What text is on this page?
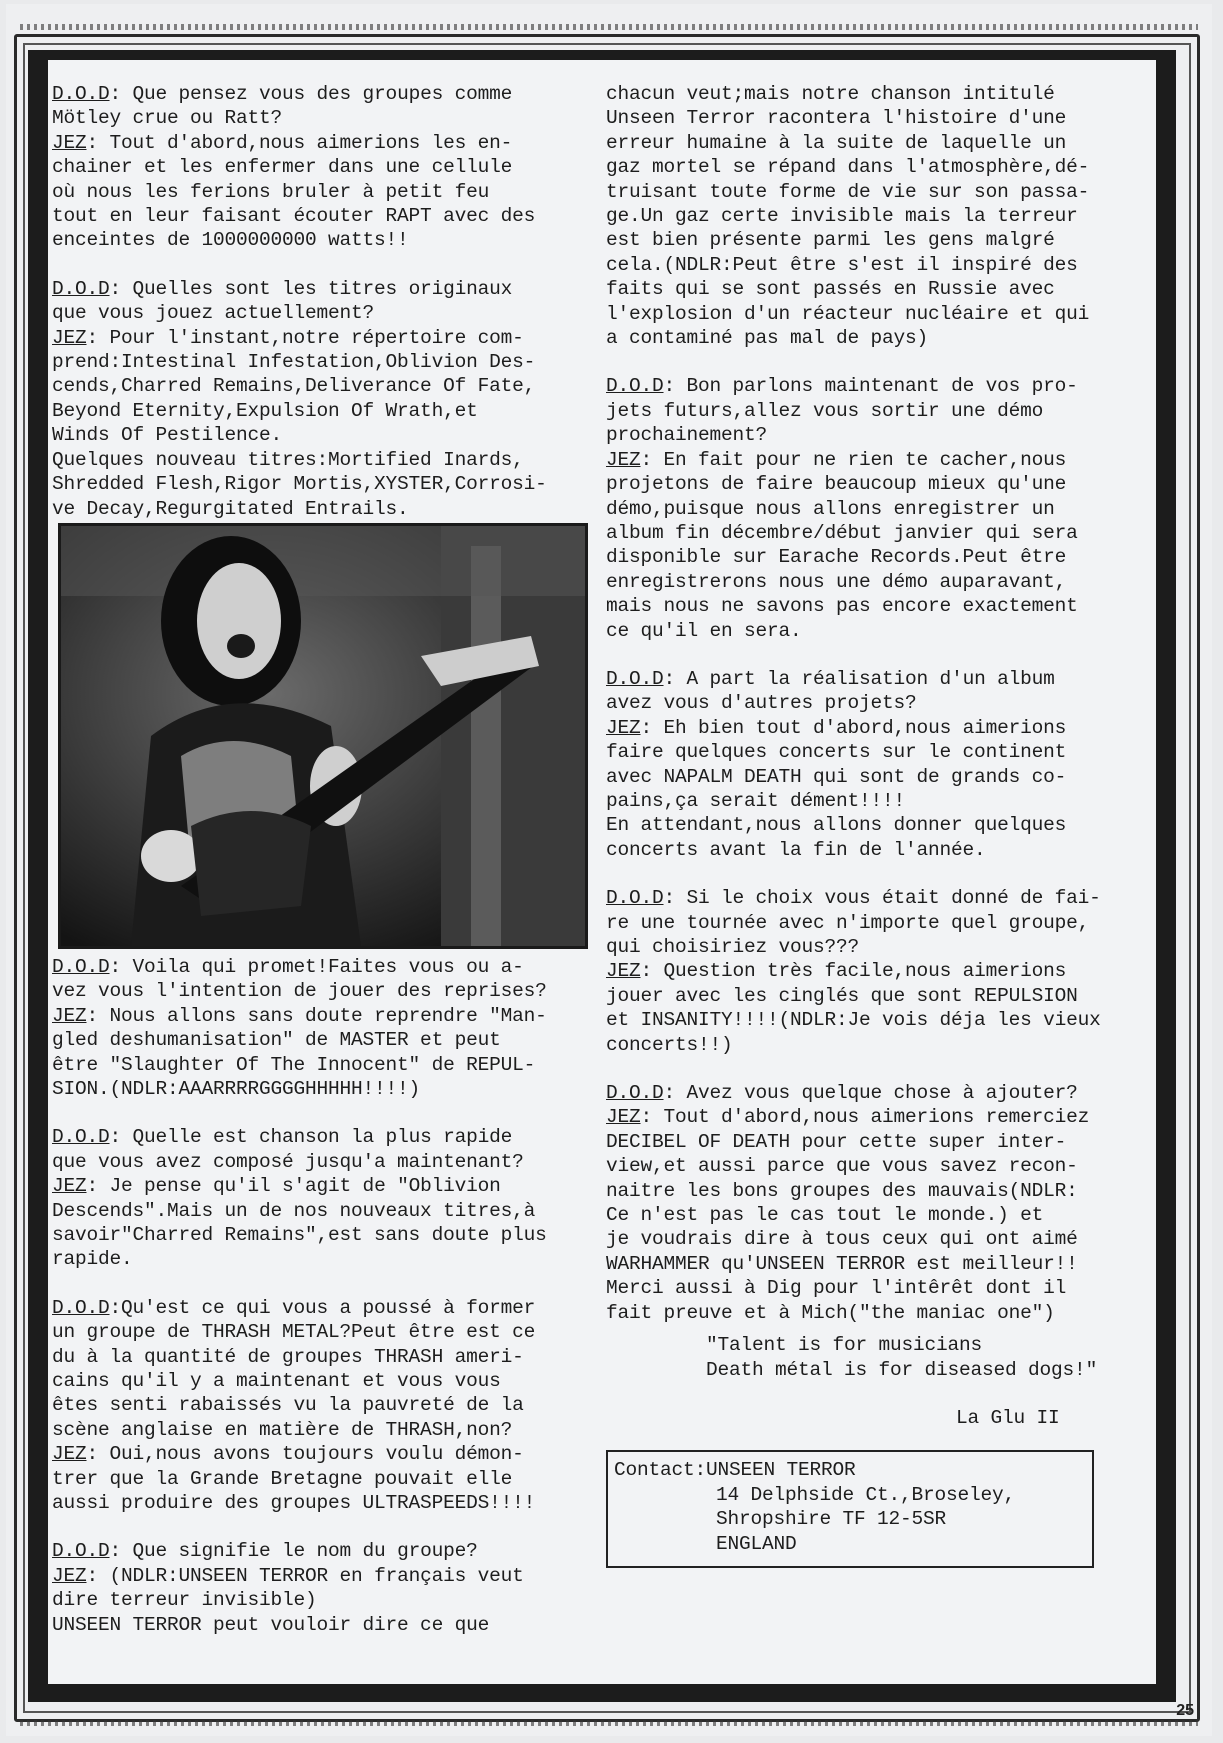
D.O.D: Que pensez vous des groupes comme
Mötley crue ou Ratt?
JEZ: Tout d'abord,nous aimerions les en-
chainer et les enfermer dans une cellule
où nous les ferions bruler à petit feu
tout en leur faisant écouter RAPT avec des
enceintes de 1000000000 watts!!
D.O.D: Quelles sont les titres originaux
que vous jouez actuellement?
JEZ: Pour l'instant,notre répertoire com-
prend:Intestinal Infestation,Oblivion Des-
cends,Charred Remains,Deliverance Of Fate,
Beyond Eternity,Expulsion Of Wrath,et
Winds Of Pestilence.
Quelques nouveau titres:Mortified Inards,
Shredded Flesh,Rigor Mortis,XYSTER,Corrosi-
ve Decay,Regurgitated Entrails.
D.O.D: Voila qui promet!Faites vous ou a-
vez vous l'intention de jouer des reprises?
JEZ: Nous allons sans doute reprendre "Man-
gled deshumanisation" de MASTER et peut
être "Slaughter Of The Innocent" de REPUL-
SION.(NDLR:AAARRRRGGGGHHHHH!!!!)
D.O.D: Quelle est chanson la plus rapide
que vous avez composé jusqu'a maintenant?
JEZ: Je pense qu'il s'agit de "Oblivion
Descends".Mais un de nos nouveaux titres,à
savoir"Charred Remains",est sans doute plus
rapide.
D.O.D:Qu'est ce qui vous a poussé à former
un groupe de THRASH METAL?Peut être est ce
du à la quantité de groupes THRASH ameri-
cains qu'il y a maintenant et vous vous
êtes senti rabaissés vu la pauvreté de la
scène anglaise en matière de THRASH,non?
JEZ: Oui,nous avons toujours voulu démon-
trer que la Grande Bretagne pouvait elle
aussi produire des groupes ULTRASPEEDS!!!!
D.O.D: Que signifie le nom du groupe?
JEZ: (NDLR:UNSEEN TERROR en français veut
dire terreur invisible)
UNSEEN TERROR peut vouloir dire ce que
chacun veut;mais notre chanson intitulé
Unseen Terror racontera l'histoire d'une
erreur humaine à la suite de laquelle un
gaz mortel se répand dans l'atmosphère,dé-
truisant toute forme de vie sur son passa-
ge.Un gaz certe invisible mais la terreur
est bien présente parmi les gens malgré
cela.(NDLR:Peut être s'est il inspiré des
faits qui se sont passés en Russie avec
l'explosion d'un réacteur nucléaire et qui
a contaminé pas mal de pays)
D.O.D: Bon parlons maintenant de vos pro-
jets futurs,allez vous sortir une démo
prochainement?
JEZ: En fait pour ne rien te cacher,nous
projetons de faire beaucoup mieux qu'une
démo,puisque nous allons enregistrer un
album fin décembre/début janvier qui sera
disponible sur Earache Records.Peut être
enregistrerons nous une démo auparavant,
mais nous ne savons pas encore exactement
ce qu'il en sera.
D.O.D: A part la réalisation d'un album
avez vous d'autres projets?
JEZ: Eh bien tout d'abord,nous aimerions
faire quelques concerts sur le continent
avec NAPALM DEATH qui sont de grands co-
pains,ça serait dément!!!!
En attendant,nous allons donner quelques
concerts avant la fin de l'année.
D.O.D: Si le choix vous était donné de fai-
re une tournée avec n'importe quel groupe,
qui choisiriez vous???
JEZ: Question très facile,nous aimerions
jouer avec les cinglés que sont REPULSION
et INSANITY!!!!(NDLR:Je vois déja les vieux
concerts!!)
D.O.D: Avez vous quelque chose à ajouter?
JEZ: Tout d'abord,nous aimerions remerciez
DECIBEL OF DEATH pour cette super inter-
view,et aussi parce que vous savez recon-
naitre les bons groupes des mauvais(NDLR:
Ce n'est pas le cas tout le monde.) et
je voudrais dire à tous ceux qui ont aimé
WARHAMMER qu'UNSEEN TERROR est meilleur!!
Merci aussi à Dig pour l'intêrêt dont il
fait preuve et à Mich("the maniac one")
"Talent is for musicians
Death métal is for diseased dogs!"
La Glu II
Contact:UNSEEN TERROR
14 Delphside Ct.,Broseley,
Shropshire TF 12-5SR
ENGLAND
25
